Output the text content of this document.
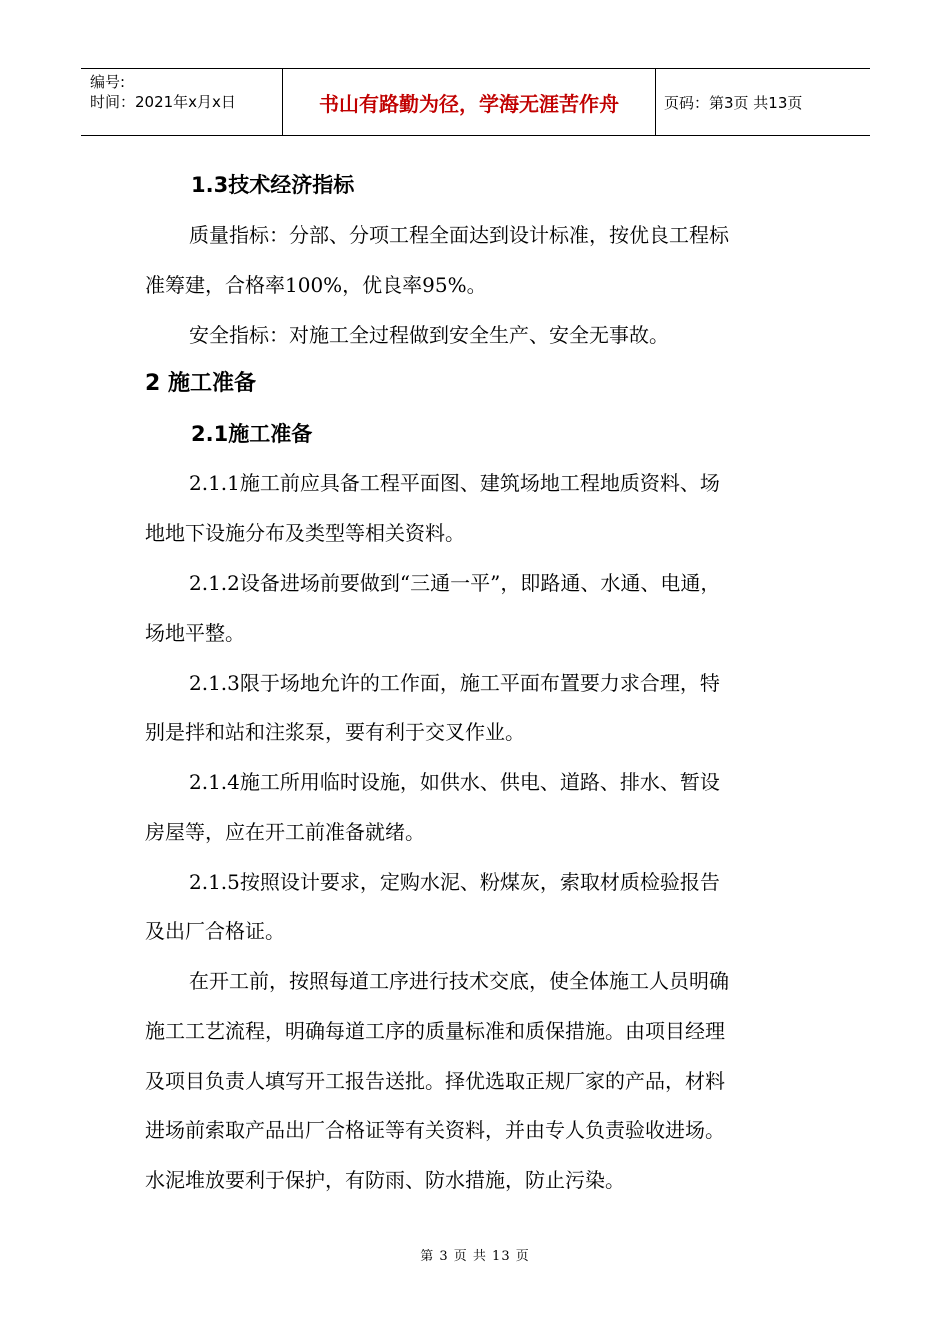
编号:
时间：2021年x月x日	书山有路勤为径，学海无涯苦作舟	页码：第3页 共13页
1.3技术经济指标
质量指标：分部、分项工程全面达到设计标准，按优良工程标
准筹建，合格率100%，优良率95%。
安全指标：对施工全过程做到安全生产、安全无事故。
2 施工准备
2.1施工准备
2.1.1施工前应具备工程平面图、建筑场地工程地质资料、场
地地下设施分布及类型等相关资料。
2.1.2设备进场前要做到“三通一平”，即路通、水通、电通，
场地平整。
2.1.3限于场地允许的工作面，施工平面布置要力求合理，特
别是拌和站和注浆泵，要有利于交叉作业。
2.1.4施工所用临时设施，如供水、供电、道路、排水、暂设
房屋等，应在开工前准备就绪。
2.1.5按照设计要求，定购水泥、粉煤灰，索取材质检验报告
及出厂合格证。
在开工前，按照每道工序进行技术交底，使全体施工人员明确
施工工艺流程，明确每道工序的质量标准和质保措施。由项目经理
及项目负责人填写开工报告送批。择优选取正规厂家的产品，材料
进场前索取产品出厂合格证等有关资料，并由专人负责验收进场。
水泥堆放要利于保护，有防雨、防水措施，防止污染。
第 3 页 共 13 页
